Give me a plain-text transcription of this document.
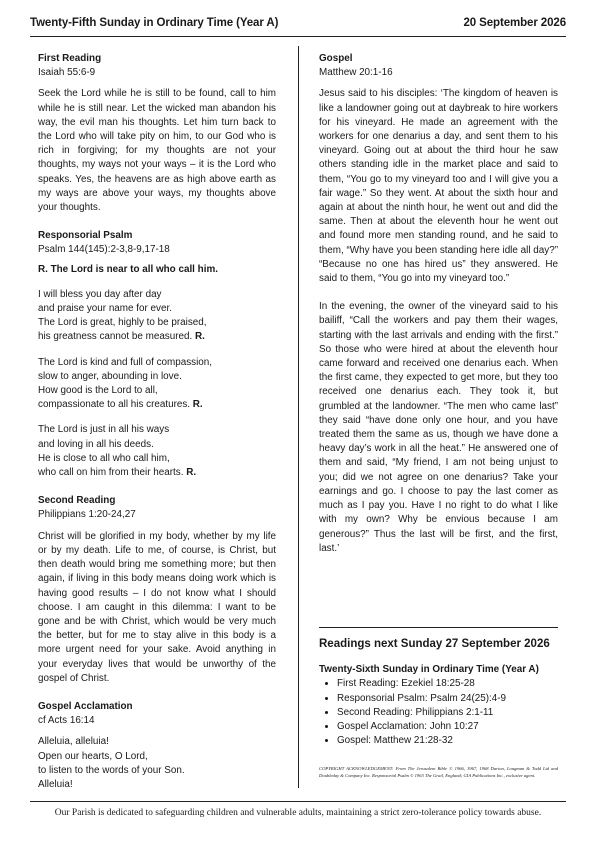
Twenty-Fifth Sunday in Ordinary Time (Year A)	20 September 2026
First Reading
Isaiah 55:6-9
Seek the Lord while he is still to be found, call to him while he is still near. Let the wicked man abandon his way, the evil man his thoughts. Let him turn back to the Lord who will take pity on him, to our God who is rich in forgiving; for my thoughts are not your thoughts, my ways not your ways – it is the Lord who speaks. Yes, the heavens are as high above earth as my ways are above your ways, my thoughts above your thoughts.
Responsorial Psalm
Psalm 144(145):2-3,8-9,17-18
R. The Lord is near to all who call him.
I will bless you day after day
and praise your name for ever.
The Lord is great, highly to be praised,
his greatness cannot be measured. R.
The Lord is kind and full of compassion,
slow to anger, abounding in love.
How good is the Lord to all,
compassionate to all his creatures. R.
The Lord is just in all his ways
and loving in all his deeds.
He is close to all who call him,
who call on him from their hearts. R.
Second Reading
Philippians 1:20-24,27
Christ will be glorified in my body, whether by my life or by my death. Life to me, of course, is Christ, but then death would bring me something more; but then again, if living in this body means doing work which is having good results – I do not know what I should choose. I am caught in this dilemma: I want to be gone and be with Christ, which would be very much the better, but for me to stay alive in this body is a more urgent need for your sake. Avoid anything in your everyday lives that would be unworthy of the gospel of Christ.
Gospel Acclamation
cf Acts 16:14
Alleluia, alleluia!
Open our hearts, O Lord,
to listen to the words of your Son.
Alleluia!
Gospel
Matthew 20:1-16
Jesus said to his disciples: ‘The kingdom of heaven is like a landowner going out at daybreak to hire workers for his vineyard. He made an agreement with the workers for one denarius a day, and sent them to his vineyard. Going out at about the third hour he saw others standing idle in the market place and said to them, “You go to my vineyard too and I will give you a fair wage.” So they went. At about the sixth hour and again at about the ninth hour, he went out and did the same. Then at about the eleventh hour he went out and found more men standing round, and he said to them, “Why have you been standing here idle all day?” “Because no one has hired us” they answered. He said to them, “You go into my vineyard too.”
In the evening, the owner of the vineyard said to his bailiff, “Call the workers and pay them their wages, starting with the last arrivals and ending with the first.” So those who were hired at about the eleventh hour came forward and received one denarius each. When the first came, they expected to get more, but they too received one denarius each. They took it, but grumbled at the landowner. “The men who came last” they said “have done only one hour, and you have treated them the same as us, though we have done a heavy day’s work in all the heat.” He answered one of them and said, “My friend, I am not being unjust to you; did we not agree on one denarius? Take your earnings and go. I choose to pay the last comer as much as I pay you. Have I no right to do what I like with my own? Why be envious because I am generous?” Thus the last will be first, and the first, last.’
Readings next Sunday 27 September 2026
Twenty-Sixth Sunday in Ordinary Time (Year A)
• First Reading: Ezekiel 18:25-28
• Responsorial Psalm: Psalm 24(25):4-9
• Second Reading: Philippians 2:1-11
• Gospel Acclamation: John 10:27
• Gospel: Matthew 21:28-32
COPYRIGHT ACKNOWLEDGEMENT: From The Jerusalem Bible © 1966, 1967, 1968 Darton, Longman & Todd Ltd and Doubleday & Company Inc. Responsorial Psalm © 1963 The Grail, England; GIA Publications Inc., exclusive agent.
Our Parish is dedicated to safeguarding children and vulnerable adults, maintaining a strict zero-tolerance policy towards abuse.
